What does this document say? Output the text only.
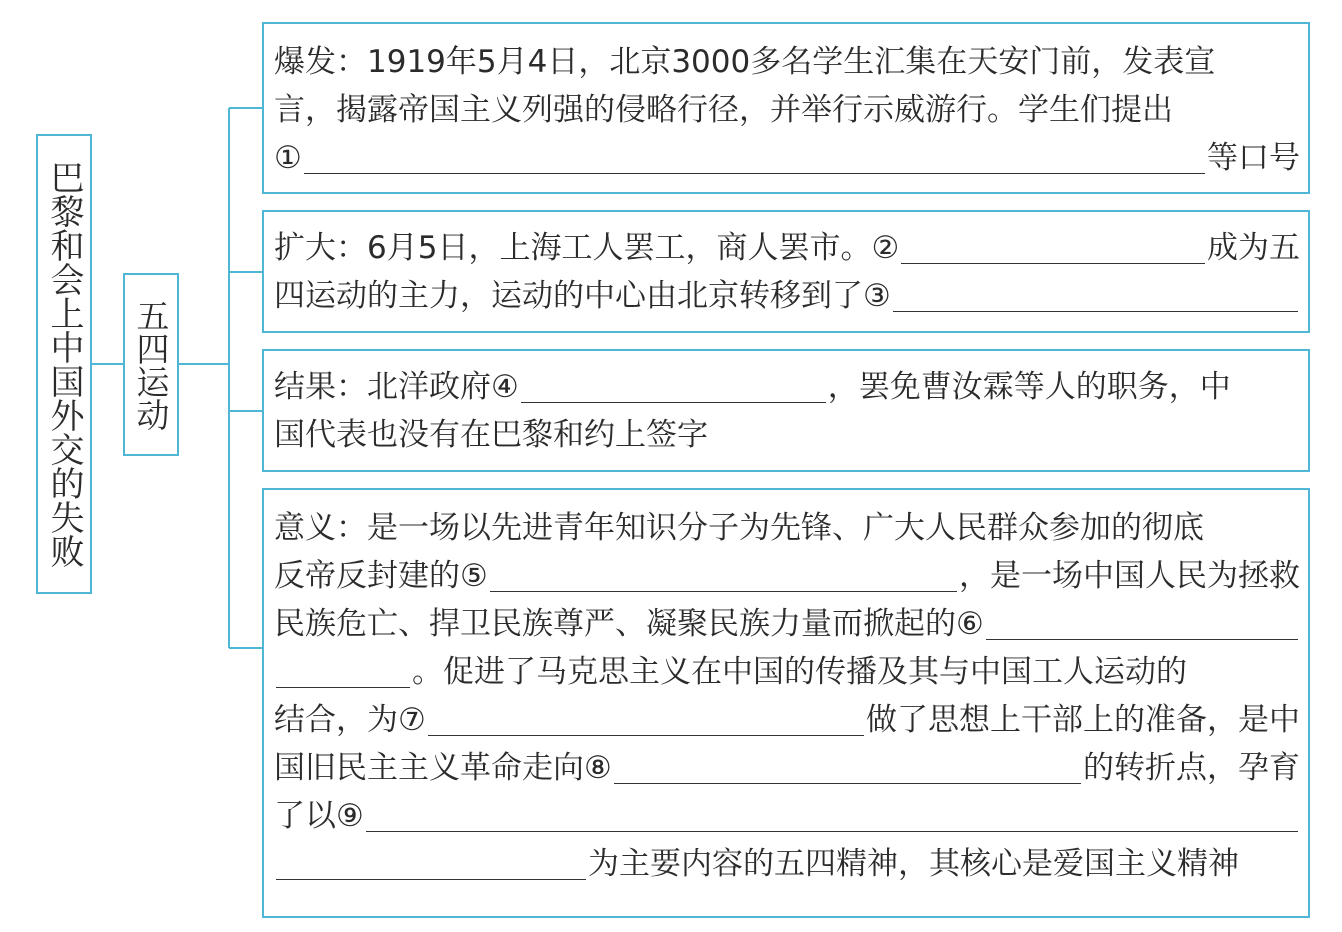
巴黎和会上中国外交的失败 五四运动
爆发：1919年5月4日，北京3000多名学生汇集在天安门前，发表宣
言，揭露帝国主义列强的侵略行径，并举行示威游行。学生们提出
①	等口号
扩大：6月5日，上海工人罢工，商人罢市。②	成为五
四运动的主力，运动的中心由北京转移到了③
结果：北洋政府④	，罢免曹汝霖等人的职务，中
国代表也没有在巴黎和约上签字
意义：是一场以先进青年知识分子为先锋、广大人民群众参加的彻底
反帝反封建的⑤	，是一场中国人民为拯救
民族危亡、捍卫民族尊严、凝聚民族力量而掀起的⑥
。促进了马克思主义在中国的传播及其与中国工人运动的
结合，为⑦	做了思想上干部上的准备，是中
国旧民主主义革命走向⑧	的转折点，孕育
了以⑨
为主要内容的五四精神，其核心是爱国主义精神
